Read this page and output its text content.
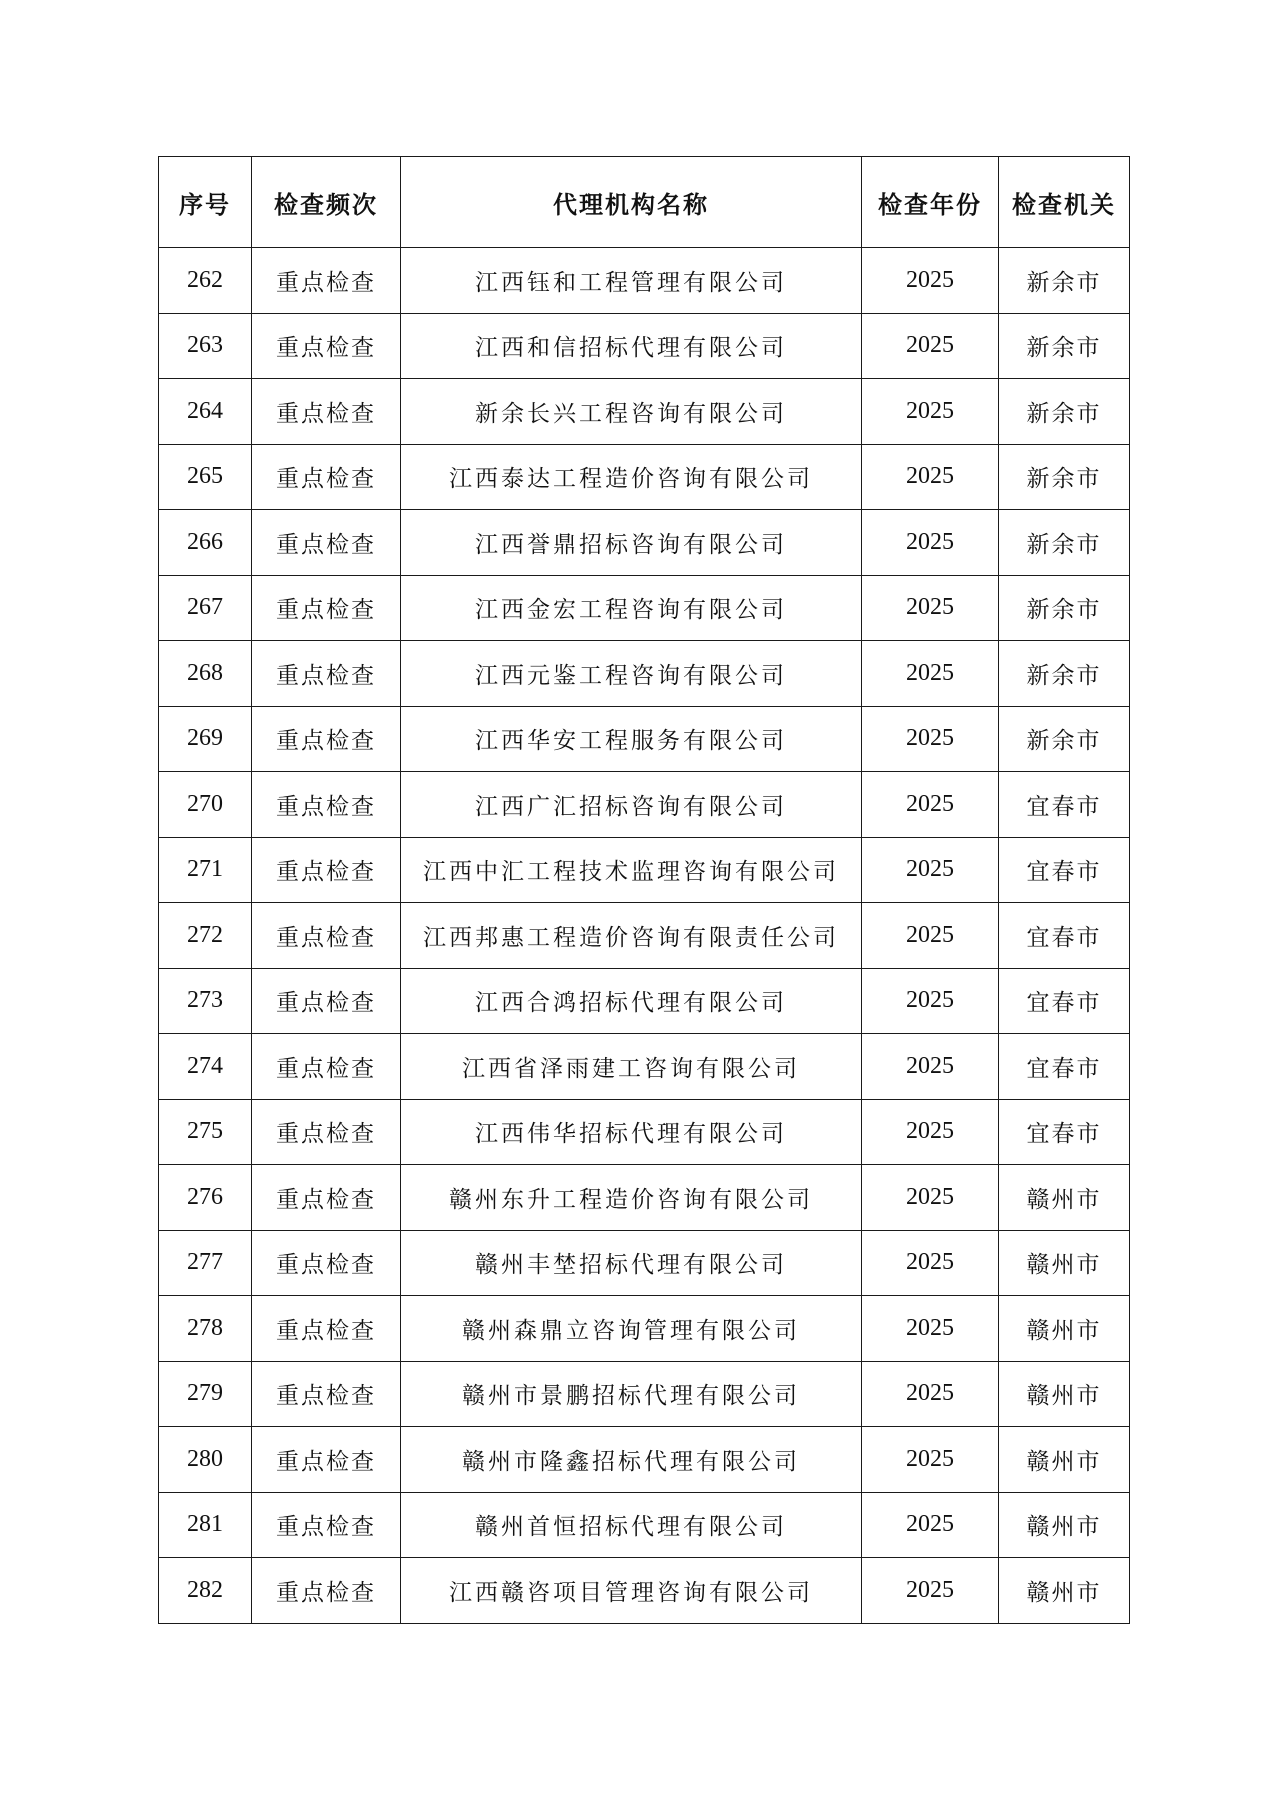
序号	检查频次	代理机构名称	检查年份	检查机关
262	重点检查	江西钰和工程管理有限公司	2025	新余市
263	重点检查	江西和信招标代理有限公司	2025	新余市
264	重点检查	新余长兴工程咨询有限公司	2025	新余市
265	重点检查	江西泰达工程造价咨询有限公司	2025	新余市
266	重点检查	江西誉鼎招标咨询有限公司	2025	新余市
267	重点检查	江西金宏工程咨询有限公司	2025	新余市
268	重点检查	江西元鉴工程咨询有限公司	2025	新余市
269	重点检查	江西华安工程服务有限公司	2025	新余市
270	重点检查	江西广汇招标咨询有限公司	2025	宜春市
271	重点检查	江西中汇工程技术监理咨询有限公司	2025	宜春市
272	重点检查	江西邦惠工程造价咨询有限责任公司	2025	宜春市
273	重点检查	江西合鸿招标代理有限公司	2025	宜春市
274	重点检查	江西省泽雨建工咨询有限公司	2025	宜春市
275	重点检查	江西伟华招标代理有限公司	2025	宜春市
276	重点检查	赣州东升工程造价咨询有限公司	2025	赣州市
277	重点检查	赣州丰埜招标代理有限公司	2025	赣州市
278	重点检查	赣州森鼎立咨询管理有限公司	2025	赣州市
279	重点检查	赣州市景鹏招标代理有限公司	2025	赣州市
280	重点检查	赣州市隆鑫招标代理有限公司	2025	赣州市
281	重点检查	赣州首恒招标代理有限公司	2025	赣州市
282	重点检查	江西赣咨项目管理咨询有限公司	2025	赣州市
